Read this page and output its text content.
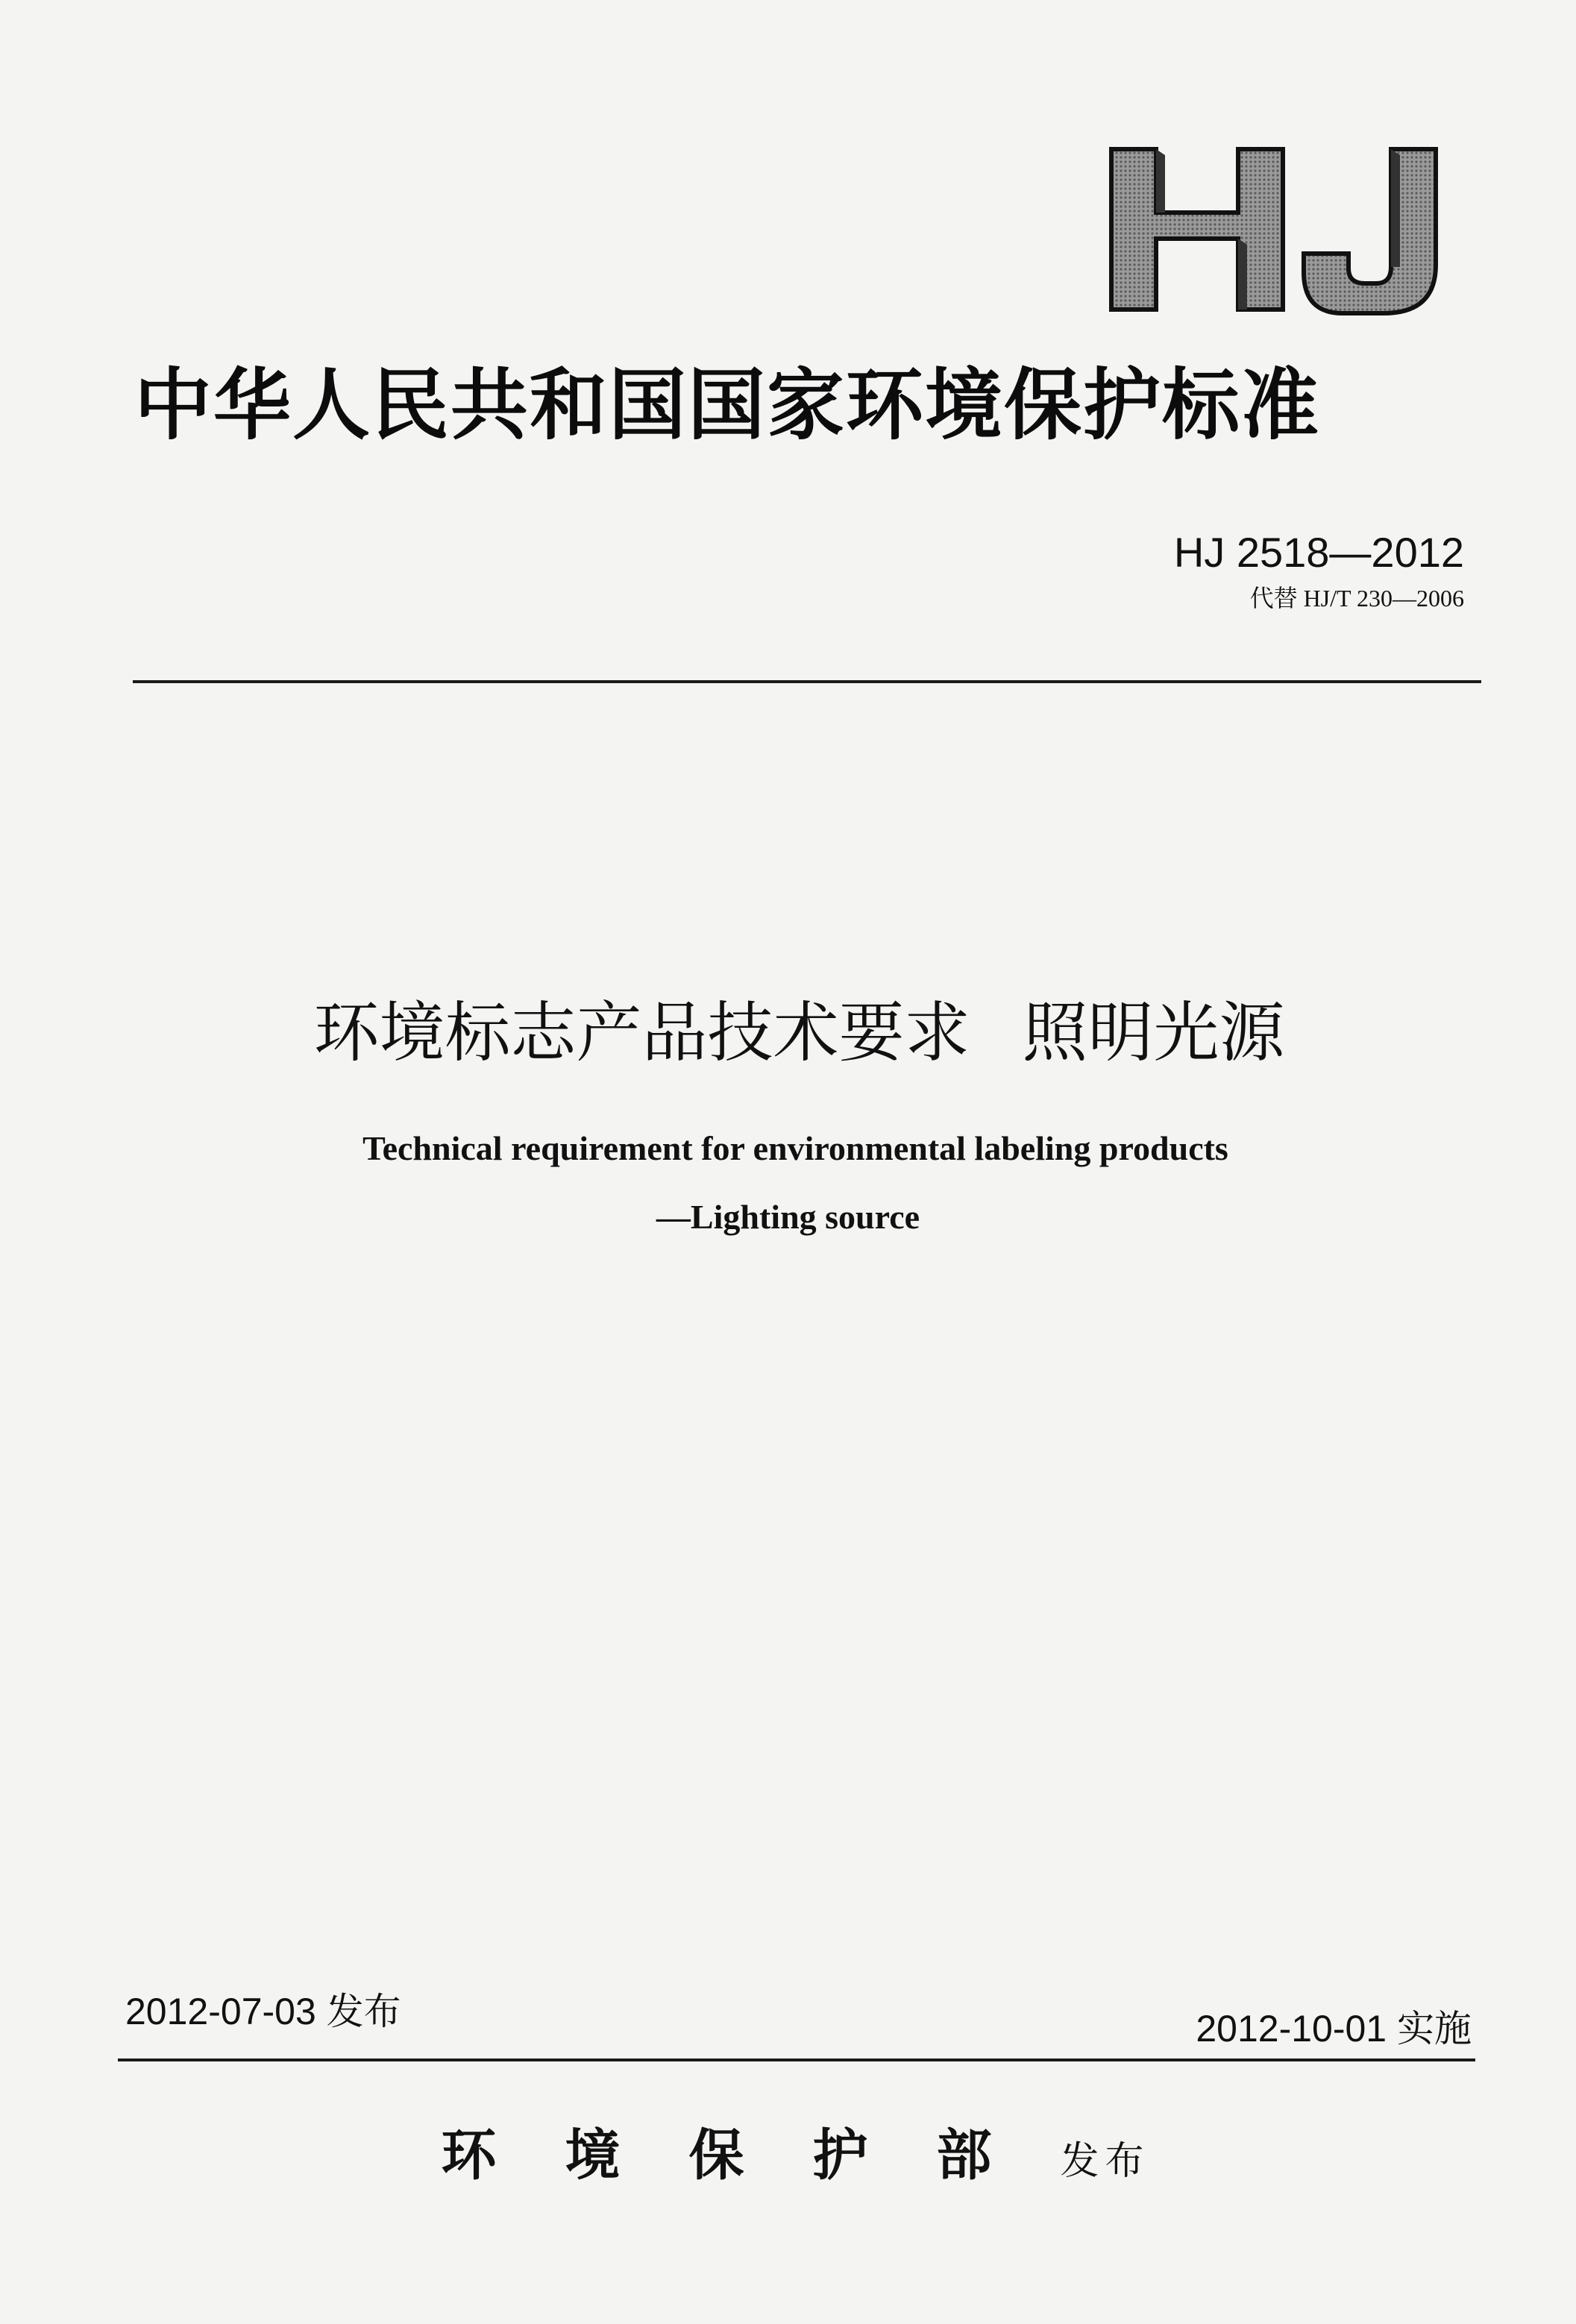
中华人民共和国国家环境保护标准
HJ 2518—2012
代替 HJ/T 230—2006
环境标志产品技术要求 照明光源
Technical requirement for environmental labeling products
—Lighting source
2012-07-03 发布	2012-10-01 实施
环境保护部发布
